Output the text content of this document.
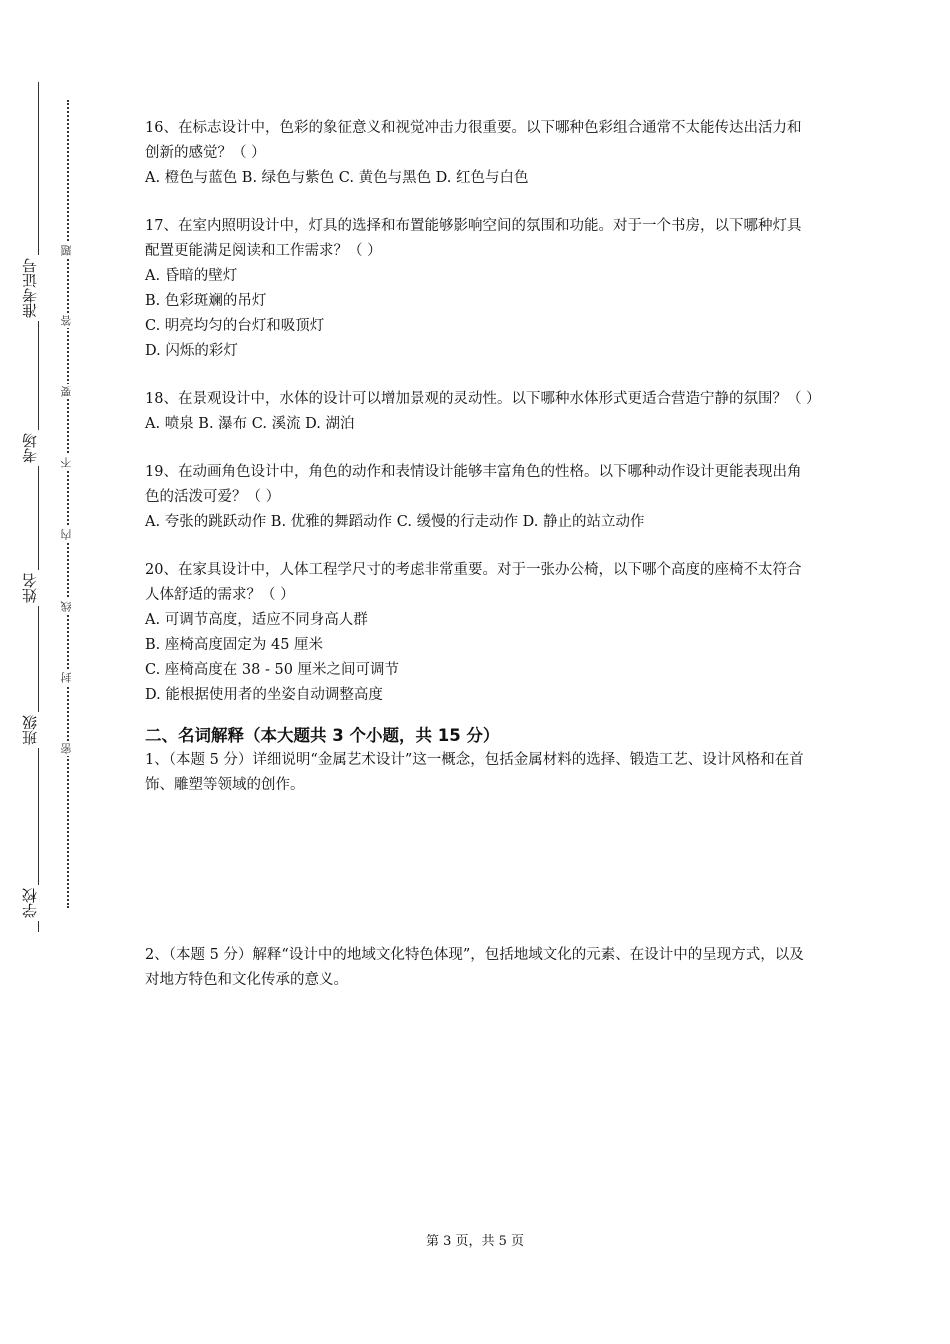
准考证号
考场
姓名
班级
学校
题
答
要
不
内
线
封
密

16、在标志设计中，色彩的象征意义和视觉冲击力很重要。以下哪种色彩组合通常不太能传达出活力和创新的感觉？（ ）

A. 橙色与蓝色 B. 绿色与紫色 C. 黄色与黑色 D. 红色与白色

17、在室内照明设计中，灯具的选择和布置能够影响空间的氛围和功能。对于一个书房，以下哪种灯具配置更能满足阅读和工作需求？（ ）

A. 昏暗的壁灯
B. 色彩斑斓的吊灯
C. 明亮均匀的台灯和吸顶灯
D. 闪烁的彩灯

18、在景观设计中，水体的设计可以增加景观的灵动性。以下哪种水体形式更适合营造宁静的氛围？（ ）

A. 喷泉 B. 瀑布 C. 溪流 D. 湖泊

19、在动画角色设计中，角色的动作和表情设计能够丰富角色的性格。以下哪种动作设计更能表现出角色的活泼可爱？（ ）

A. 夸张的跳跃动作 B. 优雅的舞蹈动作 C. 缓慢的行走动作 D. 静止的站立动作

20、在家具设计中，人体工程学尺寸的考虑非常重要。对于一张办公椅，以下哪个高度的座椅不太符合人体舒适的需求？（ ）

A. 可调节高度，适应不同身高人群
B. 座椅高度固定为 45 厘米
C. 座椅高度在 38 - 50 厘米之间可调节
D. 能根据使用者的坐姿自动调整高度
二、名词解释（本大题共 3 个小题，共 15 分）

1、（本题 5 分）详细说明“金属艺术设计”这一概念，包括金属材料的选择、锻造工艺、设计风格和在首饰、雕塑等领域的创作。

2、（本题 5 分）解释“设计中的地域文化特色体现”，包括地域文化的元素、在设计中的呈现方式，以及对地方特色和文化传承的意义。

第 3 页，共 5 页
